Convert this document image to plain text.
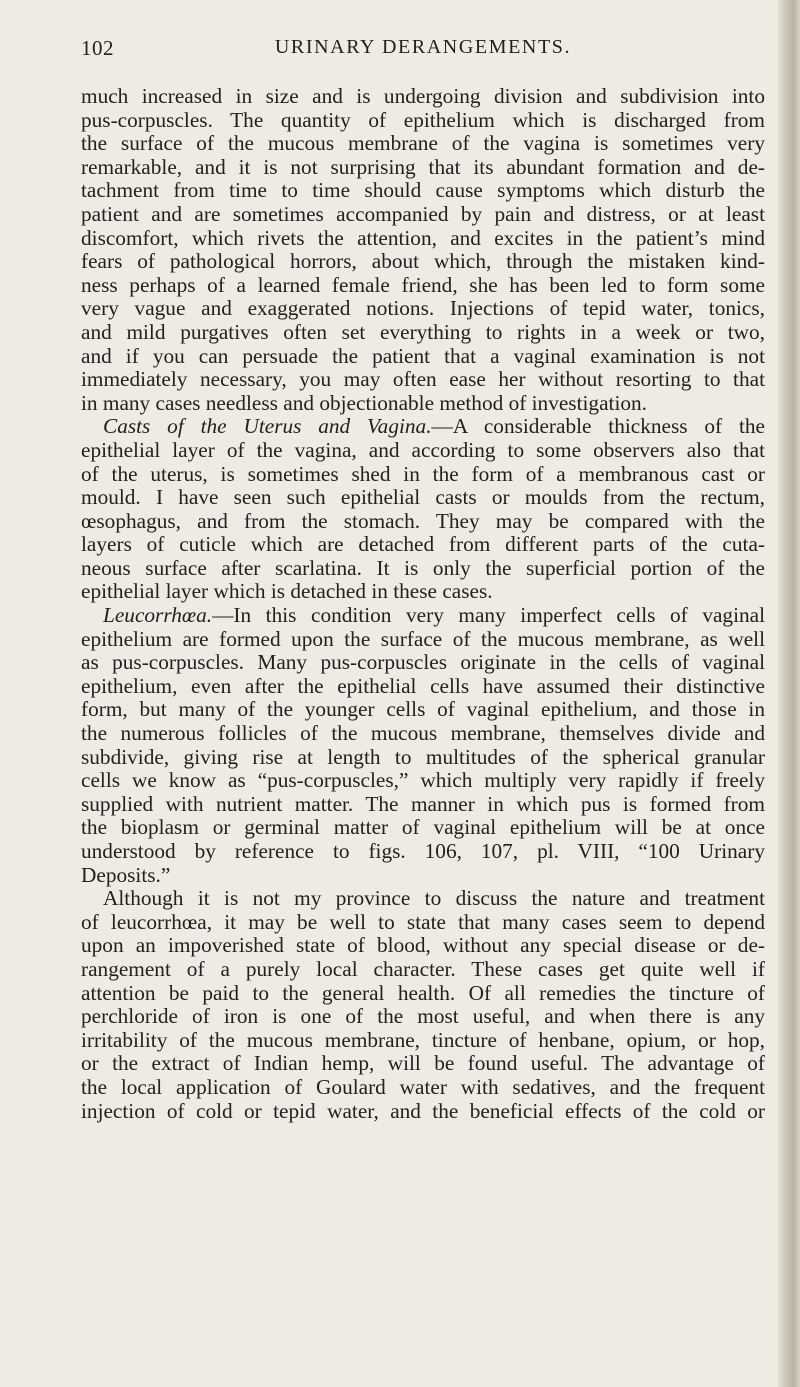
102	URINARY DERANGEMENTS.
much increased in size and is undergoing division and subdivision into
pus-corpuscles. The quantity of epithelium which is discharged from
the surface of the mucous membrane of the vagina is sometimes very
remarkable, and it is not surprising that its abundant formation and de-
tachment from time to time should cause symptoms which disturb the
patient and are sometimes accompanied by pain and distress, or at least
discomfort, which rivets the attention, and excites in the patient’s mind
fears of pathological horrors, about which, through the mistaken kind-
ness perhaps of a learned female friend, she has been led to form some
very vague and exaggerated notions. Injections of tepid water, tonics,
and mild purgatives often set everything to rights in a week or two,
and if you can persuade the patient that a vaginal examination is not
immediately necessary, you may often ease her without resorting to that
in many cases needless and objectionable method of investigation.
Casts of the Uterus and Vagina.—A considerable thickness of the
epithelial layer of the vagina, and according to some observers also that
of the uterus, is sometimes shed in the form of a membranous cast or
mould. I have seen such epithelial casts or moulds from the rectum,
œsophagus, and from the stomach. They may be compared with the
layers of cuticle which are detached from different parts of the cuta-
neous surface after scarlatina. It is only the superficial portion of the
epithelial layer which is detached in these cases.
Leucorrhœa.—In this condition very many imperfect cells of vaginal
epithelium are formed upon the surface of the mucous membrane, as well
as pus-corpuscles. Many pus-corpuscles originate in the cells of vaginal
epithelium, even after the epithelial cells have assumed their distinctive
form, but many of the younger cells of vaginal epithelium, and those in
the numerous follicles of the mucous membrane, themselves divide and
subdivide, giving rise at length to multitudes of the spherical granular
cells we know as “pus-corpuscles,” which multiply very rapidly if freely
supplied with nutrient matter. The manner in which pus is formed from
the bioplasm or germinal matter of vaginal epithelium will be at once
understood by reference to figs. 106, 107, pl. VIII, “100 Urinary
Deposits.”
Although it is not my province to discuss the nature and treatment
of leucorrhœa, it may be well to state that many cases seem to depend
upon an impoverished state of blood, without any special disease or de-
rangement of a purely local character. These cases get quite well if
attention be paid to the general health. Of all remedies the tincture of
perchloride of iron is one of the most useful, and when there is any
irritability of the mucous membrane, tincture of henbane, opium, or hop,
or the extract of Indian hemp, will be found useful. The advantage of
the local application of Goulard water with sedatives, and the frequent
injection of cold or tepid water, and the beneficial effects of the cold or
